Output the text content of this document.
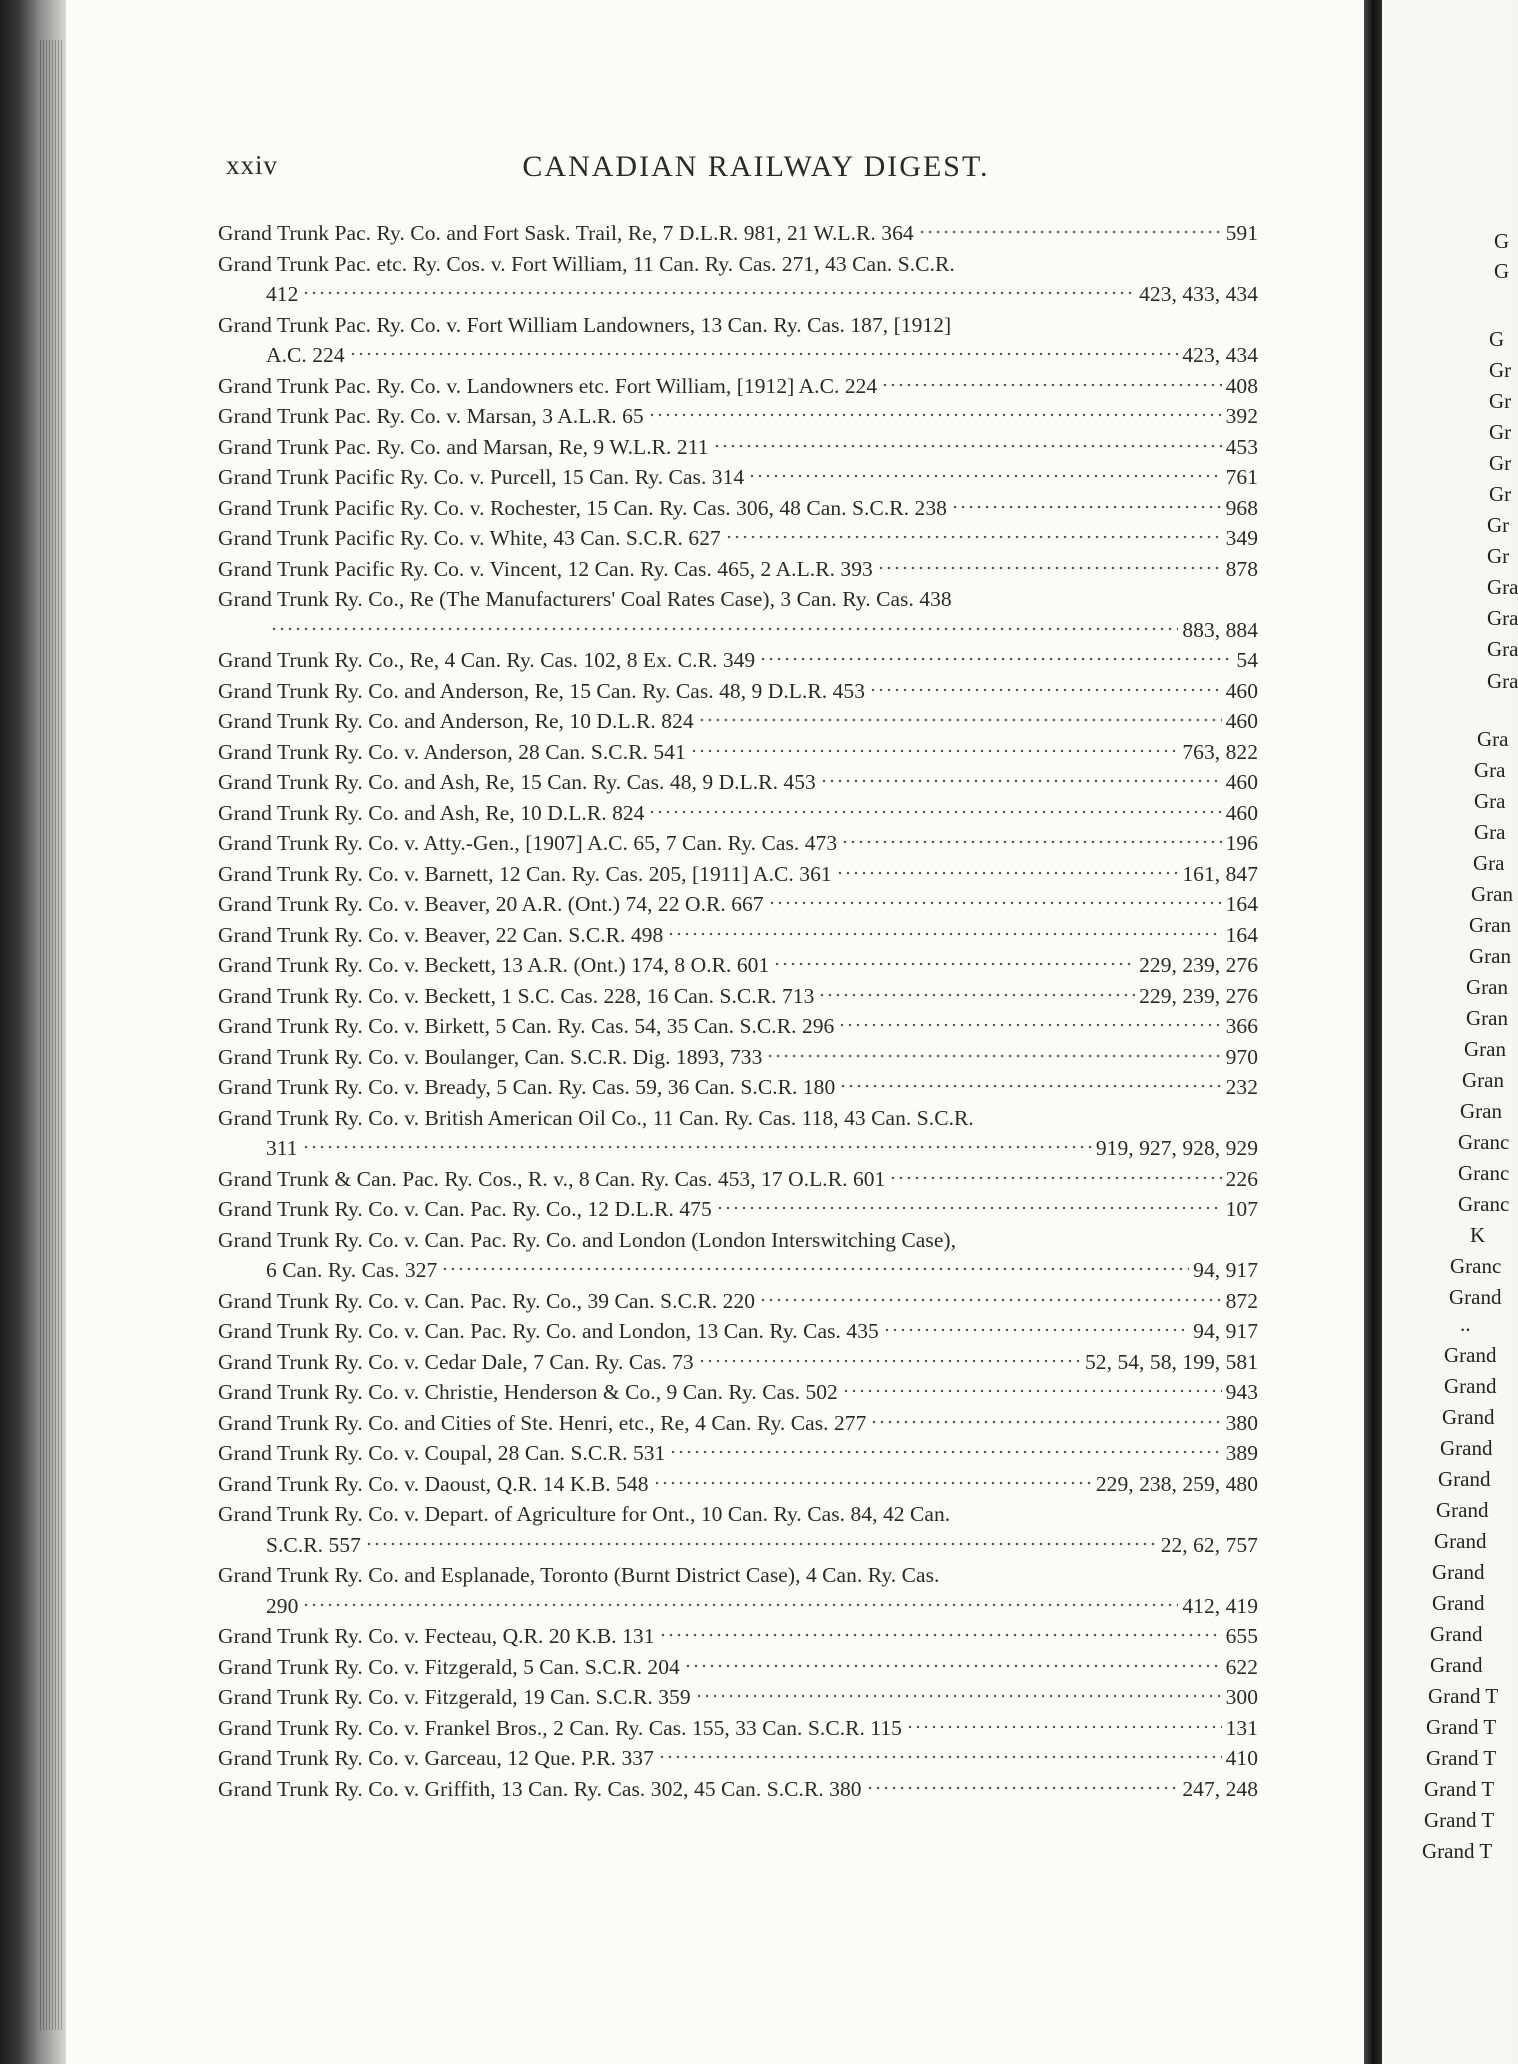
G
G
G
Gr
Gr
Gr
Gr
Gr
Gr
Gr
Gra
Gra
Gra
Gra
Gra
Gra
Gra
Gra
Gra
Gran
Gran
Gran
Gran
Gran
Gran
Gran
Gran
Granc
Granc
Granc
K
Granc
Grand
..
Grand
Grand
Grand
Grand
Grand
Grand
Grand
Grand
Grand
Grand
Grand
Grand T
Grand T
Grand T
Grand T
Grand T
Grand T
xxiv	CANADIAN RAILWAY DIGEST.
Grand Trunk Pac. Ry. Co. and Fort Sask. Trail, Re, 7 D.L.R. 981, 21 W.L.R. 364	591
Grand Trunk Pac. etc. Ry. Cos. v. Fort William, 11 Can. Ry. Cas. 271, 43 Can. S.C.R.
412	423, 433, 434
Grand Trunk Pac. Ry. Co. v. Fort William Landowners, 13 Can. Ry. Cas. 187, [1912]
A.C. 224	423, 434
Grand Trunk Pac. Ry. Co. v. Landowners etc. Fort William, [1912] A.C. 224	408
Grand Trunk Pac. Ry. Co. v. Marsan, 3 A.L.R. 65	392
Grand Trunk Pac. Ry. Co. and Marsan, Re, 9 W.L.R. 211	453
Grand Trunk Pacific Ry. Co. v. Purcell, 15 Can. Ry. Cas. 314	761
Grand Trunk Pacific Ry. Co. v. Rochester, 15 Can. Ry. Cas. 306, 48 Can. S.C.R. 238	968
Grand Trunk Pacific Ry. Co. v. White, 43 Can. S.C.R. 627	349
Grand Trunk Pacific Ry. Co. v. Vincent, 12 Can. Ry. Cas. 465, 2 A.L.R. 393	878
Grand Trunk Ry. Co., Re (The Manufacturers' Coal Rates Case), 3 Can. Ry. Cas. 438
883, 884
Grand Trunk Ry. Co., Re, 4 Can. Ry. Cas. 102, 8 Ex. C.R. 349	54
Grand Trunk Ry. Co. and Anderson, Re, 15 Can. Ry. Cas. 48, 9 D.L.R. 453	460
Grand Trunk Ry. Co. and Anderson, Re, 10 D.L.R. 824	460
Grand Trunk Ry. Co. v. Anderson, 28 Can. S.C.R. 541	763, 822
Grand Trunk Ry. Co. and Ash, Re, 15 Can. Ry. Cas. 48, 9 D.L.R. 453	460
Grand Trunk Ry. Co. and Ash, Re, 10 D.L.R. 824	460
Grand Trunk Ry. Co. v. Atty.-Gen., [1907] A.C. 65, 7 Can. Ry. Cas. 473	196
Grand Trunk Ry. Co. v. Barnett, 12 Can. Ry. Cas. 205, [1911] A.C. 361	161, 847
Grand Trunk Ry. Co. v. Beaver, 20 A.R. (Ont.) 74, 22 O.R. 667	164
Grand Trunk Ry. Co. v. Beaver, 22 Can. S.C.R. 498	164
Grand Trunk Ry. Co. v. Beckett, 13 A.R. (Ont.) 174, 8 O.R. 601	229, 239, 276
Grand Trunk Ry. Co. v. Beckett, 1 S.C. Cas. 228, 16 Can. S.C.R. 713	229, 239, 276
Grand Trunk Ry. Co. v. Birkett, 5 Can. Ry. Cas. 54, 35 Can. S.C.R. 296	366
Grand Trunk Ry. Co. v. Boulanger, Can. S.C.R. Dig. 1893, 733	970
Grand Trunk Ry. Co. v. Bready, 5 Can. Ry. Cas. 59, 36 Can. S.C.R. 180	232
Grand Trunk Ry. Co. v. British American Oil Co., 11 Can. Ry. Cas. 118, 43 Can. S.C.R.
311	919, 927, 928, 929
Grand Trunk & Can. Pac. Ry. Cos., R. v., 8 Can. Ry. Cas. 453, 17 O.L.R. 601	226
Grand Trunk Ry. Co. v. Can. Pac. Ry. Co., 12 D.L.R. 475	107
Grand Trunk Ry. Co. v. Can. Pac. Ry. Co. and London (London Interswitching Case),
6 Can. Ry. Cas. 327	94, 917
Grand Trunk Ry. Co. v. Can. Pac. Ry. Co., 39 Can. S.C.R. 220	872
Grand Trunk Ry. Co. v. Can. Pac. Ry. Co. and London, 13 Can. Ry. Cas. 435	94, 917
Grand Trunk Ry. Co. v. Cedar Dale, 7 Can. Ry. Cas. 73	52, 54, 58, 199, 581
Grand Trunk Ry. Co. v. Christie, Henderson & Co., 9 Can. Ry. Cas. 502	943
Grand Trunk Ry. Co. and Cities of Ste. Henri, etc., Re, 4 Can. Ry. Cas. 277	380
Grand Trunk Ry. Co. v. Coupal, 28 Can. S.C.R. 531	389
Grand Trunk Ry. Co. v. Daoust, Q.R. 14 K.B. 548	229, 238, 259, 480
Grand Trunk Ry. Co. v. Depart. of Agriculture for Ont., 10 Can. Ry. Cas. 84, 42 Can.
S.C.R. 557	22, 62, 757
Grand Trunk Ry. Co. and Esplanade, Toronto (Burnt District Case), 4 Can. Ry. Cas.
290	412, 419
Grand Trunk Ry. Co. v. Fecteau, Q.R. 20 K.B. 131	655
Grand Trunk Ry. Co. v. Fitzgerald, 5 Can. S.C.R. 204	622
Grand Trunk Ry. Co. v. Fitzgerald, 19 Can. S.C.R. 359	300
Grand Trunk Ry. Co. v. Frankel Bros., 2 Can. Ry. Cas. 155, 33 Can. S.C.R. 115	131
Grand Trunk Ry. Co. v. Garceau, 12 Que. P.R. 337	410
Grand Trunk Ry. Co. v. Griffith, 13 Can. Ry. Cas. 302, 45 Can. S.C.R. 380	247, 248
